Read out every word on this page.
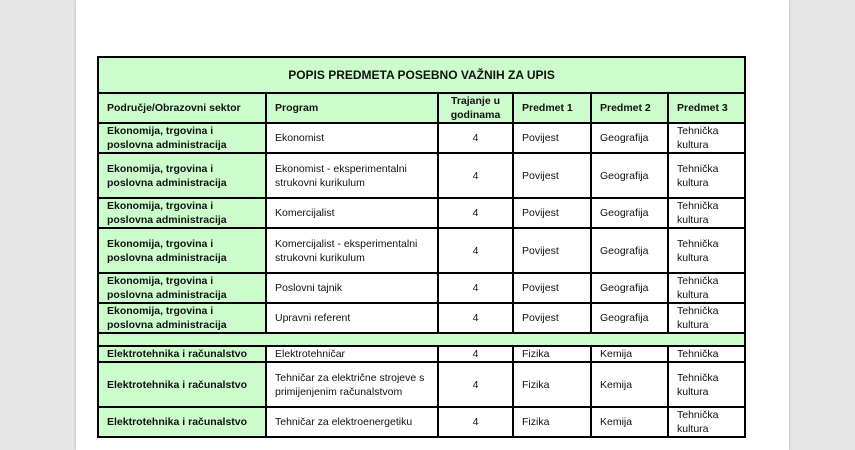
POPIS PREDMETA POSEBNO VAŽNIH ZA UPIS					
Područje/Obrazovni sektor	Program	Trajanje u godinama	Predmet 1	Predmet 2	Predmet 3
Ekonomija, trgovina i poslovna administracija	Ekonomist	4	Povijest	Geografija	Tehnička kultura
Ekonomija, trgovina i poslovna administracija	Ekonomist - eksperimentalni strukovni kurikulum	4	Povijest	Geografija	Tehnička kultura
Ekonomija, trgovina i poslovna administracija	Komercijalist	4	Povijest	Geografija	Tehnička kultura
Ekonomija, trgovina i poslovna administracija	Komercijalist - eksperimentalni strukovni kurikulum	4	Povijest	Geografija	Tehnička kultura
Ekonomija, trgovina i poslovna administracija	Poslovni tajnik	4	Povijest	Geografija	Tehnička kultura
Ekonomija, trgovina i poslovna administracija	Upravni referent	4	Povijest	Geografija	Tehnička kultura

Elektrotehnika i računalstvo	Elektrotehničar	4	Fizika	Kemija	Tehnička
Elektrotehnika i računalstvo	Tehničar za električne strojeve s primijenjenim računalstvom	4	Fizika	Kemija	Tehnička kultura
Elektrotehnika i računalstvo	Tehničar za elektroenergetiku	4	Fizika	Kemija	Tehnička kultura
